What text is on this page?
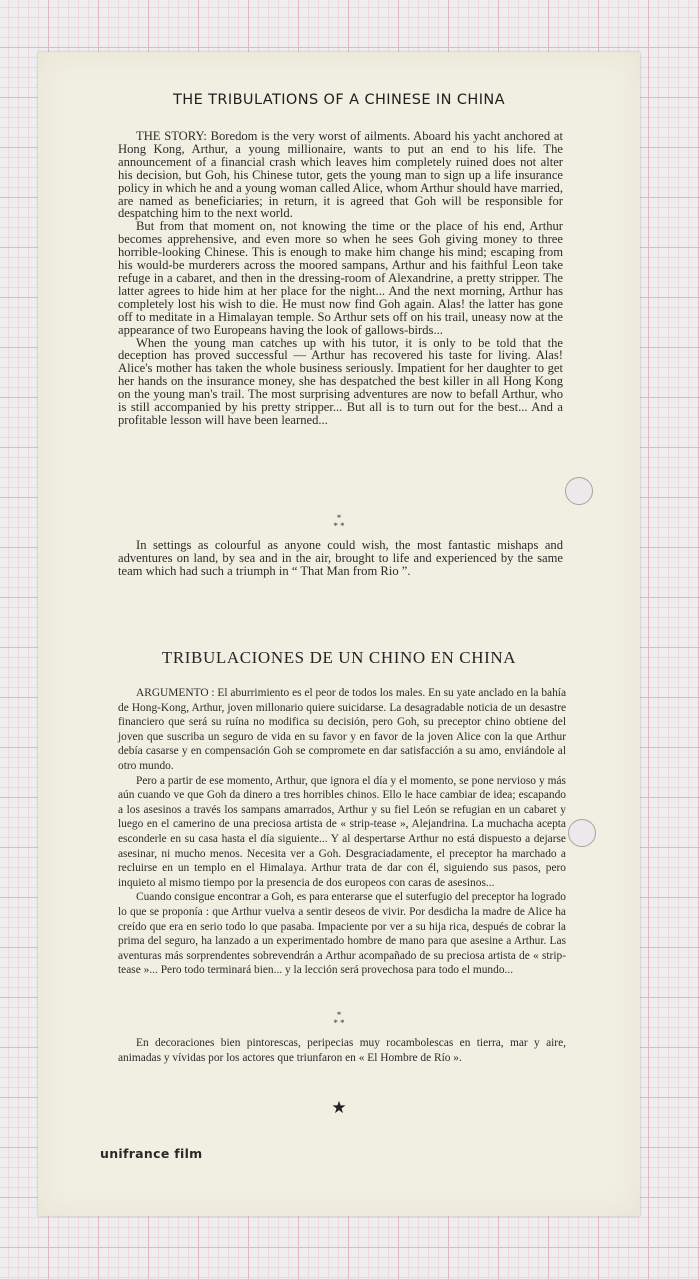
THE TRIBULATIONS OF A CHINESE IN CHINA

THE STORY: Boredom is the very worst of ailments. Aboard his yacht anchored at Hong Kong, Arthur, a young millionaire, wants to put an end to his life. The announcement of a financial crash which leaves him completely ruined does not alter his decision, but Goh, his Chinese tutor, gets the young man to sign up a life insurance policy in which he and a young woman called Alice, whom Arthur should have married, are named as beneficiaries; in return, it is agreed that Goh will be responsible for despatching him to the next world.

But from that moment on, not knowing the time or the place of his end, Arthur becomes apprehensive, and even more so when he sees Goh giving money to three horrible-looking Chinese. This is enough to make him change his mind; escaping from his would-be murderers across the moored sampans, Arthur and his faithful Leon take refuge in a cabaret, and then in the dressing-room of Alexandrine, a pretty stripper. The latter agrees to hide him at her place for the night... And the next morning, Arthur has completely lost his wish to die. He must now find Goh again. Alas! the latter has gone off to meditate in a Himalayan temple. So Arthur sets off on his trail, uneasy now at the appearance of two Europeans having the look of gallows-birds...

When the young man catches up with his tutor, it is only to be told that the deception has proved successful — Arthur has recovered his taste for living. Alas! Alice's mother has taken the whole business seriously. Impatient for her daughter to get her hands on the insurance money, she has despatched the best killer in all Hong Kong on the young man's trail. The most surprising adventures are now to befall Arthur, who is still accompanied by his pretty stripper... But all is to turn out for the best... And a profitable lesson will have been learned...

*
* *

In settings as colourful as anyone could wish, the most fantastic mishaps and adventures on land, by sea and in the air, brought to life and experienced by the same team which had such a triumph in “ That Man from Rio ”.

TRIBULACIONES DE UN CHINO EN CHINA

ARGUMENTO : El aburrimiento es el peor de todos los males. En su yate anclado en la bahía de Hong-Kong, Arthur, joven millonario quiere suicidarse. La desagradable noticia de un desastre financiero que será su ruína no modifica su decisión, pero Goh, su preceptor chino obtiene del joven que suscriba un seguro de vida en su favor y en favor de la joven Alice con la que Arthur debía casarse y en compensación Goh se compromete en dar satisfacción a su amo, enviándole al otro mundo.

Pero a partir de ese momento, Arthur, que ignora el día y el momento, se pone nervioso y más aún cuando ve que Goh da dinero a tres horribles chinos. Ello le hace cambiar de idea; escapando a los asesinos a través los sampans amarrados, Arthur y su fiel León se refugian en un cabaret y luego en el camerino de una preciosa artista de « strip-tease », Alejandrina. La muchacha acepta esconderle en su casa hasta el día siguiente... Y al despertarse Arthur no está dispuesto a dejarse asesinar, ni mucho menos. Necesita ver a Goh. Desgraciadamente, el preceptor ha marchado a recluirse en un templo en el Himalaya. Arthur trata de dar con él, siguiendo sus pasos, pero inquieto al mismo tiempo por la presencia de dos europeos con caras de asesinos...

Cuando consigue encontrar a Goh, es para enterarse que el suterfugio del preceptor ha logrado lo que se proponía : que Arthur vuelva a sentir deseos de vivir. Por desdicha la madre de Alice ha creído que era en serio todo lo que pasaba. Impaciente por ver a su hija rica, después de cobrar la prima del seguro, ha lanzado a un experimentado hombre de mano para que asesine a Arthur. Las aventuras más sorprendentes sobrevendrán a Arthur acompañado de su preciosa artista de « strip-tease »... Pero todo terminará bien... y la lección será provechosa para todo el mundo...

*
* *

En decoraciones bien pintorescas, peripecias muy rocambolescas en tierra, mar y aire, animadas y vívidas por los actores que triunfaron en « El Hombre de Río ».

★
unifrance film
